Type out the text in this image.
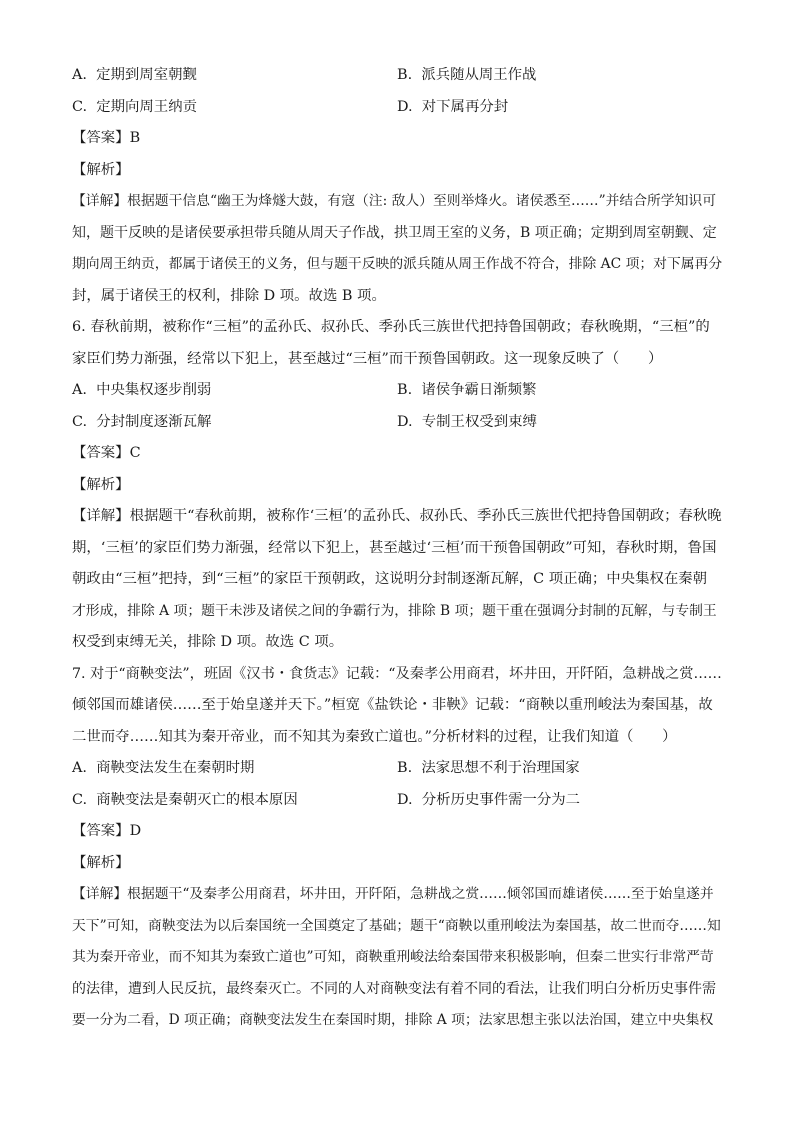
A. 定期到周室朝觐	B. 派兵随从周王作战
C. 定期向周王纳贡	D. 对下属再分封
【答案】B
【解析】
【详解】根据题干信息“幽王为烽燧大鼓，有寇（注: 敌人）至则举烽火。诸侯悉至……”并结合所学知识可
知，题干反映的是诸侯要承担带兵随从周天子作战，拱卫周王室的义务，B 项正确；定期到周室朝觐、定
期向周王纳贡，都属于诸侯王的义务，但与题干反映的派兵随从周王作战不符合，排除 AC 项；对下属再分
封，属于诸侯王的权利，排除 D 项。故选 B 项。
6. 春秋前期，被称作“三桓”的孟孙氏、叔孙氏、季孙氏三族世代把持鲁国朝政；春秋晚期，“三桓”的
家臣们势力渐强，经常以下犯上，甚至越过“三桓”而干预鲁国朝政。这一现象反映了（　　）
A. 中央集权逐步削弱	B. 诸侯争霸日渐频繁
C. 分封制度逐渐瓦解	D. 专制王权受到束缚
【答案】C
【解析】
【详解】根据题干“春秋前期，被称作‘三桓’的孟孙氏、叔孙氏、季孙氏三族世代把持鲁国朝政；春秋晚
期，‘三桓’的家臣们势力渐强，经常以下犯上，甚至越过‘三桓’而干预鲁国朝政”可知，春秋时期，鲁国
朝政由“三桓”把持，到“三桓”的家臣干预朝政，这说明分封制逐渐瓦解，C 项正确；中央集权在秦朝
才形成，排除 A 项；题干未涉及诸侯之间的争霸行为，排除 B 项；题干重在强调分封制的瓦解，与专制王
权受到束缚无关，排除 D 项。故选 C 项。
7. 对于“商鞅变法”，班固《汉书・食货志》记载：“及秦孝公用商君，坏井田，开阡陌，急耕战之赏……
倾邻国而雄诸侯……至于始皇遂并天下。”桓宽《盐铁论・非鞅》记载：“商鞅以重刑峻法为秦国基，故
二世而夺……知其为秦开帝业，而不知其为秦致亡道也。”分析材料的过程，让我们知道（　　）
A. 商鞅变法发生在秦朝时期	B. 法家思想不利于治理国家
C. 商鞅变法是秦朝灭亡的根本原因	D. 分析历史事件需一分为二
【答案】D
【解析】
【详解】根据题干“及秦孝公用商君，坏井田，开阡陌，急耕战之赏……倾邻国而雄诸侯……至于始皇遂并
天下”可知，商鞅变法为以后秦国统一全国奠定了基础；题干“商鞅以重刑峻法为秦国基，故二世而夺……知
其为秦开帝业，而不知其为秦致亡道也”可知，商鞅重刑峻法给秦国带来积极影响，但秦二世实行非常严苛
的法律，遭到人民反抗，最终秦灭亡。不同的人对商鞅变法有着不同的看法，让我们明白分析历史事件需
要一分为二看，D 项正确；商鞅变法发生在秦国时期，排除 A 项；法家思想主张以法治国，建立中央集权
